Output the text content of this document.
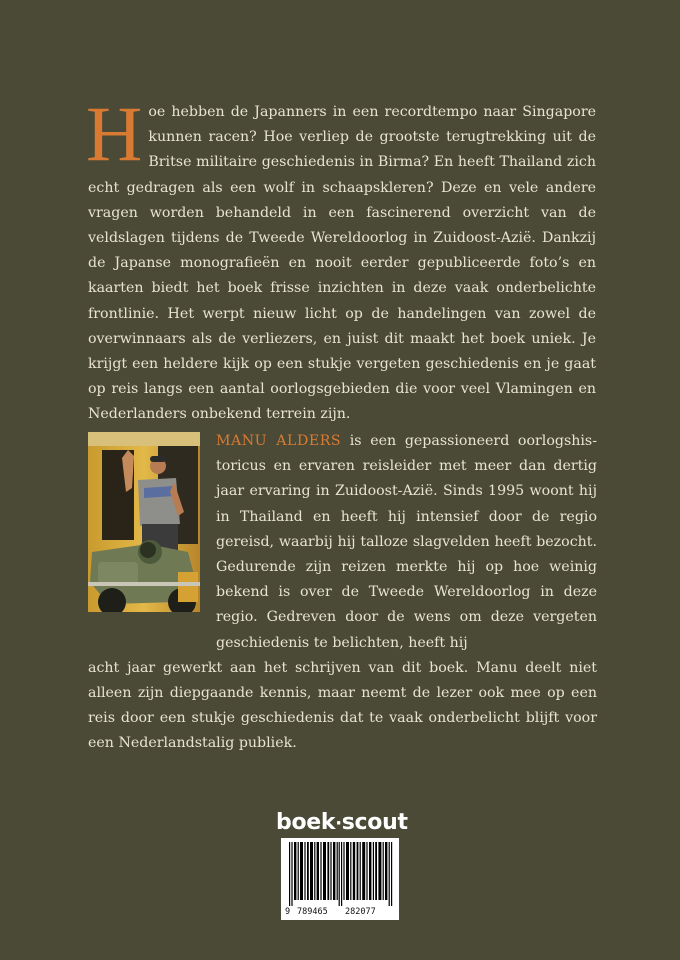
Hoe hebben de Japanners in een recordtempo naar Singapore kunnen racen? Hoe verliep de grootste terugtrekking uit de Britse militaire geschiedenis in Birma? En heeft Thailand zich echt gedragen als een wolf in schaapskleren? Deze en vele andere vragen worden behandeld in een fascinerend overzicht van de veldslagen tijdens de Tweede Wereldoorlog in Zuidoost-Azië. Dankzij de Japanse monografieën en nooit eerder gepubliceerde foto’s en kaarten biedt het boek frisse inzichten in deze vaak onderbelichte frontlinie. Het werpt nieuw licht op de handelingen van zowel de overwinnaars als de verliezers, en juist dit maakt het boek uniek. Je krijgt een heldere kijk op een stukje vergeten geschiedenis en je gaat op reis langs een aantal oorlogsgebieden die voor veel Vlamingen en Nederlanders onbekend terrein zijn.
MANU ALDERS is een gepassioneerd oorlogshistoricus en ervaren reisleider met meer dan dertig jaar ervaring in Zuidoost-Azië. Sinds 1995 woont hij in Thailand en heeft hij intensief door de regio gereisd, waarbij hij talloze slagvelden heeft bezocht. Gedurende zijn reizen merkte hij op hoe weinig bekend is over de Tweede Wereldoorlog in deze regio. Gedreven door de wens om deze vergeten geschiedenis te belichten, heeft hij
acht jaar gewerkt aan het schrijven van dit boek. Manu deelt niet alleen zijn diepgaande kennis, maar neemt de lezer ook mee op een reis door een stukje geschiedenis dat te vaak onderbelicht blijft voor een Nederlandstalig publiek.
boek·scout
9 789465 282077
